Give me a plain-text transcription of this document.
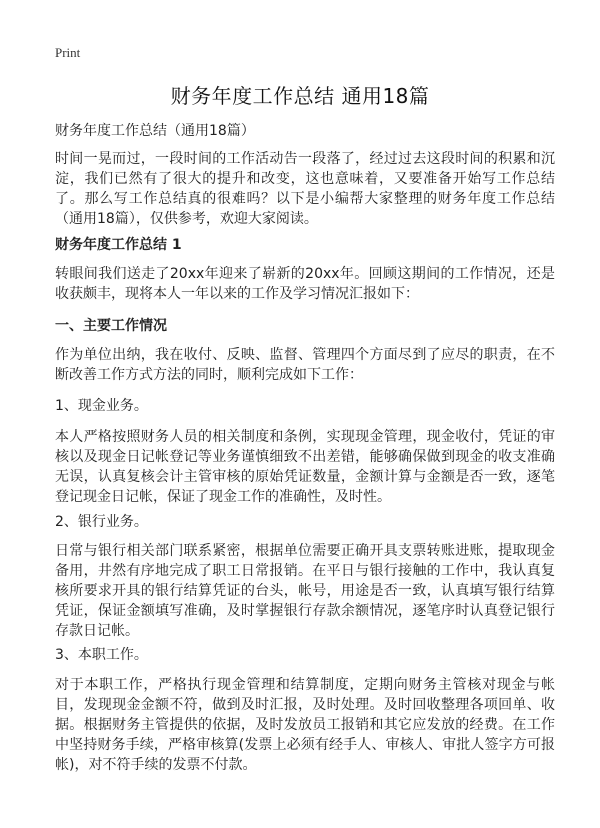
Print
财务年度工作总结 通用18篇
财务年度工作总结（通用18篇）
时间一晃而过，一段时间的工作活动告一段落了，经过过去这段时间的积累和沉淀，我们已然有了很大的提升和改变，这也意味着，又要准备开始写工作总结了。那么写工作总结真的很难吗？以下是小编帮大家整理的财务年度工作总结（通用18篇），仅供参考，欢迎大家阅读。
财务年度工作总结 1
转眼间我们送走了20xx年迎来了崭新的20xx年。回顾这期间的工作情况，还是收获颇丰，现将本人一年以来的工作及学习情况汇报如下：
一、主要工作情况
作为单位出纳，我在收付、反映、监督、管理四个方面尽到了应尽的职责，在不断改善工作方式方法的同时，顺利完成如下工作：
1、现金业务。
本人严格按照财务人员的相关制度和条例，实现现金管理，现金收付，凭证的审核以及现金日记帐登记等业务谨慎细致不出差错，能够确保做到现金的收支准确无误，认真复核会计主管审核的原始凭证数量，金额计算与金额是否一致，逐笔登记现金日记帐，保证了现金工作的准确性，及时性。
2、银行业务。
日常与银行相关部门联系紧密，根据单位需要正确开具支票转账进账，提取现金备用，井然有序地完成了职工日常报销。在平日与银行接触的工作中，我认真复核所要求开具的银行结算凭证的台头，帐号，用途是否一致，认真填写银行结算凭证，保证金额填写准确，及时掌握银行存款余额情况，逐笔序时认真登记银行存款日记帐。
3、本职工作。
对于本职工作，严格执行现金管理和结算制度，定期向财务主管核对现金与帐目，发现现金金额不符，做到及时汇报，及时处理。及时回收整理各项回单、收据。根据财务主管提供的依据，及时发放员工报销和其它应发放的经费。在工作中坚持财务手续，严格审核算(发票上必须有经手人、审核人、审批人签字方可报帐)，对不符手续的发票不付款。
